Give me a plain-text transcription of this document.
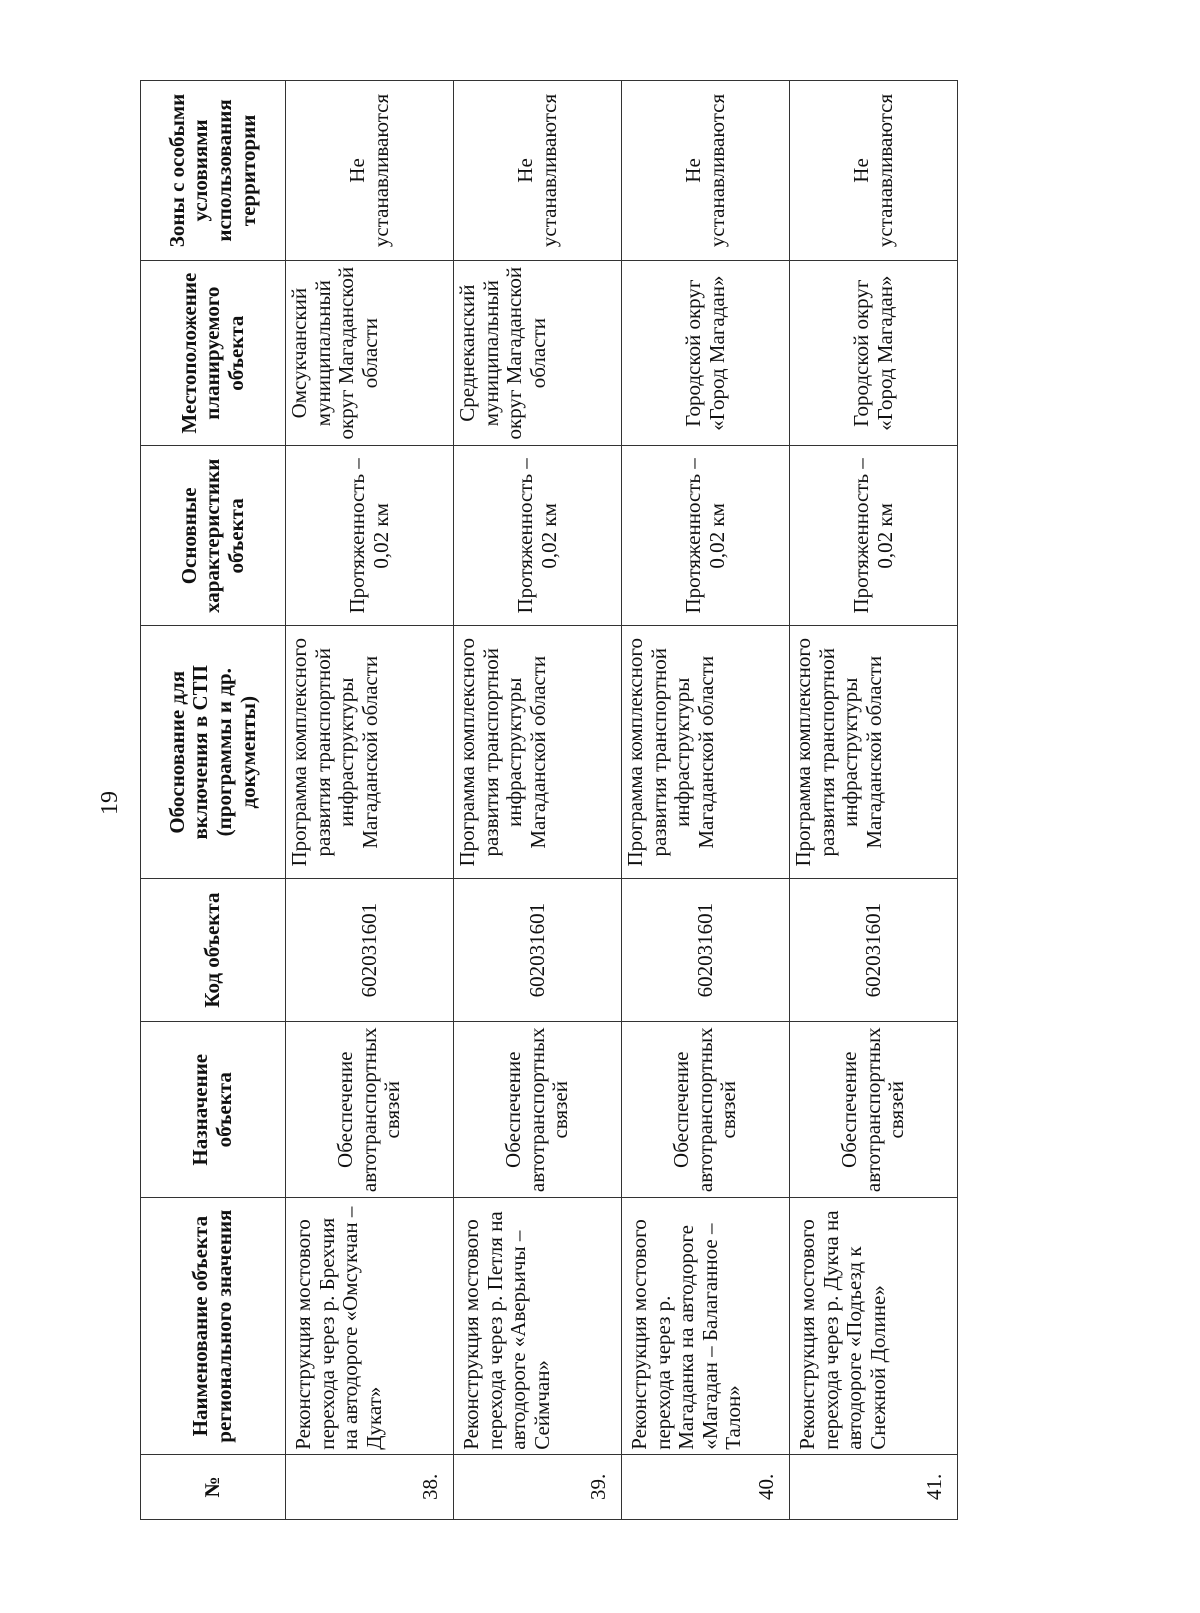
19
№	Наименование объекта регионального значения	Назначение объекта	Код объекта	Обоснование для включения в СТП (программы и др. документы)	Основные характеристики объекта	Местоположение планируемого объекта	Зоны с особыми условиями использования территории
38.	Реконструкция мостового перехода через р. Брехчия на автодороге «Омсукчан – Дукат»	Обеспечение автотранспортных связей	602031601	Программа комплексного развития транспортной инфраструктуры Магаданской области	Протяженность – 0,02 км	Омсукчанский муниципальный округ Магаданской области	Не устанавливаются
39.	Реконструкция мостового перехода через р. Петля на автодороге «Аверьичы – Сеймчан»	Обеспечение автотранспортных связей	602031601	Программа комплексного развития транспортной инфраструктуры Магаданской области	Протяженность – 0,02 км	Среднеканский муниципальный округ Магаданской области	Не устанавливаются
40.	Реконструкция мостового перехода через р. Магаданка на автодороге «Магадан – Балаганное – Талон»	Обеспечение автотранспортных связей	602031601	Программа комплексного развития транспортной инфраструктуры Магаданской области	Протяженность – 0,02 км	Городской округ «Город Магадан»	Не устанавливаются
41.	Реконструкция мостового перехода через р. Дукча на автодороге «Подъезд к Снежной Долине»	Обеспечение автотранспортных связей	602031601	Программа комплексного развития транспортной инфраструктуры Магаданской области	Протяженность – 0,02 км	Городской округ «Город Магадан»	Не устанавливаются
